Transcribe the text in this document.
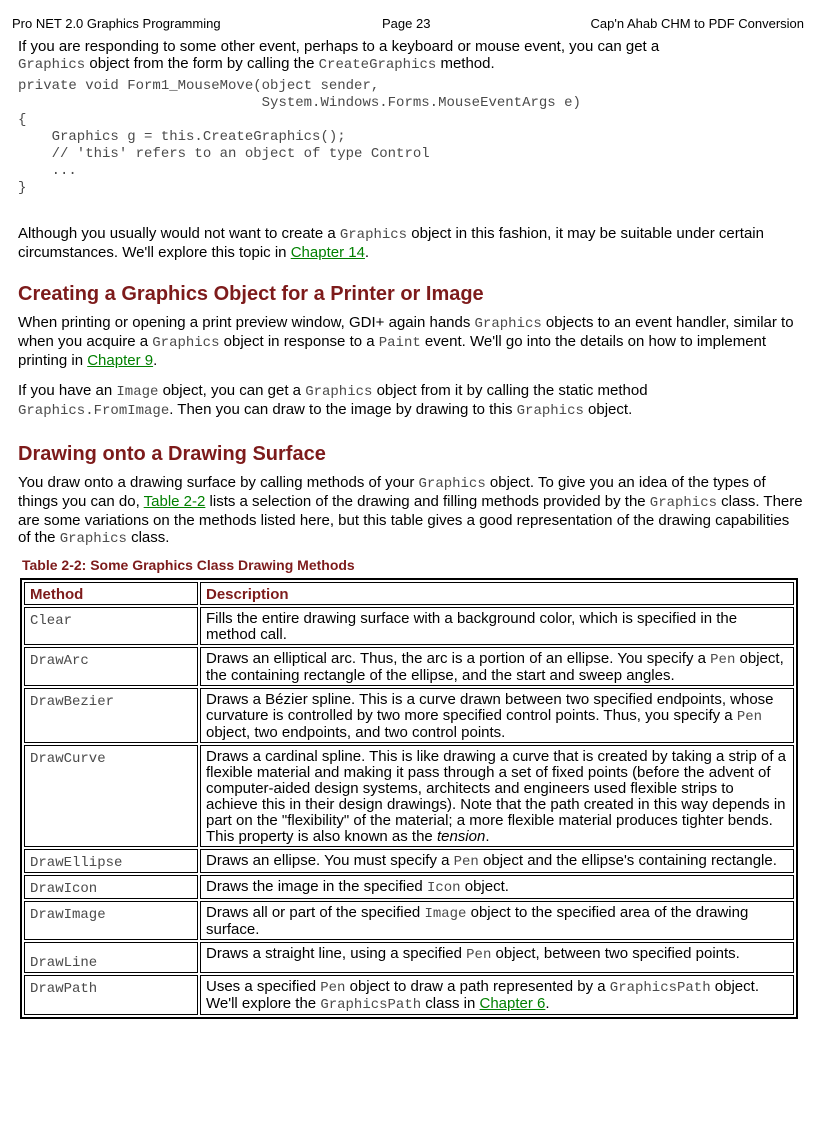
Pro NET 2.0 Graphics Programming	Page 23	Cap'n Ahab CHM to PDF Conversion

If you are responding to some other event, perhaps to a keyboard or mouse event, you can get a
Graphics object from the form by calling the CreateGraphics method.

private void Form1_MouseMove(object sender,
System.Windows.Forms.MouseEventArgs e)
{
Graphics g = this.CreateGraphics();
// 'this' refers to an object of type Control
...
}

Although you usually would not want to create a Graphics object in this fashion, it may be suitable under certain circumstances. We'll explore this topic in Chapter 14.

Creating a Graphics Object for a Printer or Image

When printing or opening a print preview window, GDI+ again hands Graphics objects to an event handler, similar to when you acquire a Graphics object in response to a Paint event. We'll go into the details on how to implement printing in Chapter 9.

If you have an Image object, you can get a Graphics object from it by calling the static method
Graphics.FromImage. Then you can draw to the image by drawing to this Graphics object.

Drawing onto a Drawing Surface

You draw onto a drawing surface by calling methods of your Graphics object. To give you an idea of the types of things you can do, Table 2-2 lists a selection of the drawing and filling methods provided by the Graphics class. There are some variations on the methods listed here, but this table gives a good representation of the drawing capabilities of the Graphics class.

Table 2-2: Some Graphics Class Drawing Methods
Method	Description
Clear	Fills the entire drawing surface with a background color, which is specified in the method call.
DrawArc	Draws an elliptical arc. Thus, the arc is a portion of an ellipse. You specify a Pen object, the containing rectangle of the ellipse, and the start and sweep angles.
DrawBezier	Draws a Bézier spline. This is a curve drawn between two specified endpoints, whose curvature is controlled by two more specified control points. Thus, you specify a Pen object, two endpoints, and two control points.
DrawCurve	Draws a cardinal spline. This is like drawing a curve that is created by taking a strip of a flexible material and making it pass through a set of fixed points (before the advent of computer-aided design systems, architects and engineers used flexible strips to achieve this in their design drawings). Note that the path created in this way depends in part on the "flexibility" of the material; a more flexible material produces tighter bends. This property is also known as the tension.
DrawEllipse	Draws an ellipse. You must specify a Pen object and the ellipse's containing rectangle.
DrawIcon	Draws the image in the specified Icon object.
DrawImage	Draws all or part of the specified Image object to the specified area of the drawing surface.
DrawLine	Draws a straight line, using a specified Pen object, between two specified points.
DrawPath	Uses a specified Pen object to draw a path represented by a GraphicsPath object. We'll explore the GraphicsPath class in Chapter 6.
